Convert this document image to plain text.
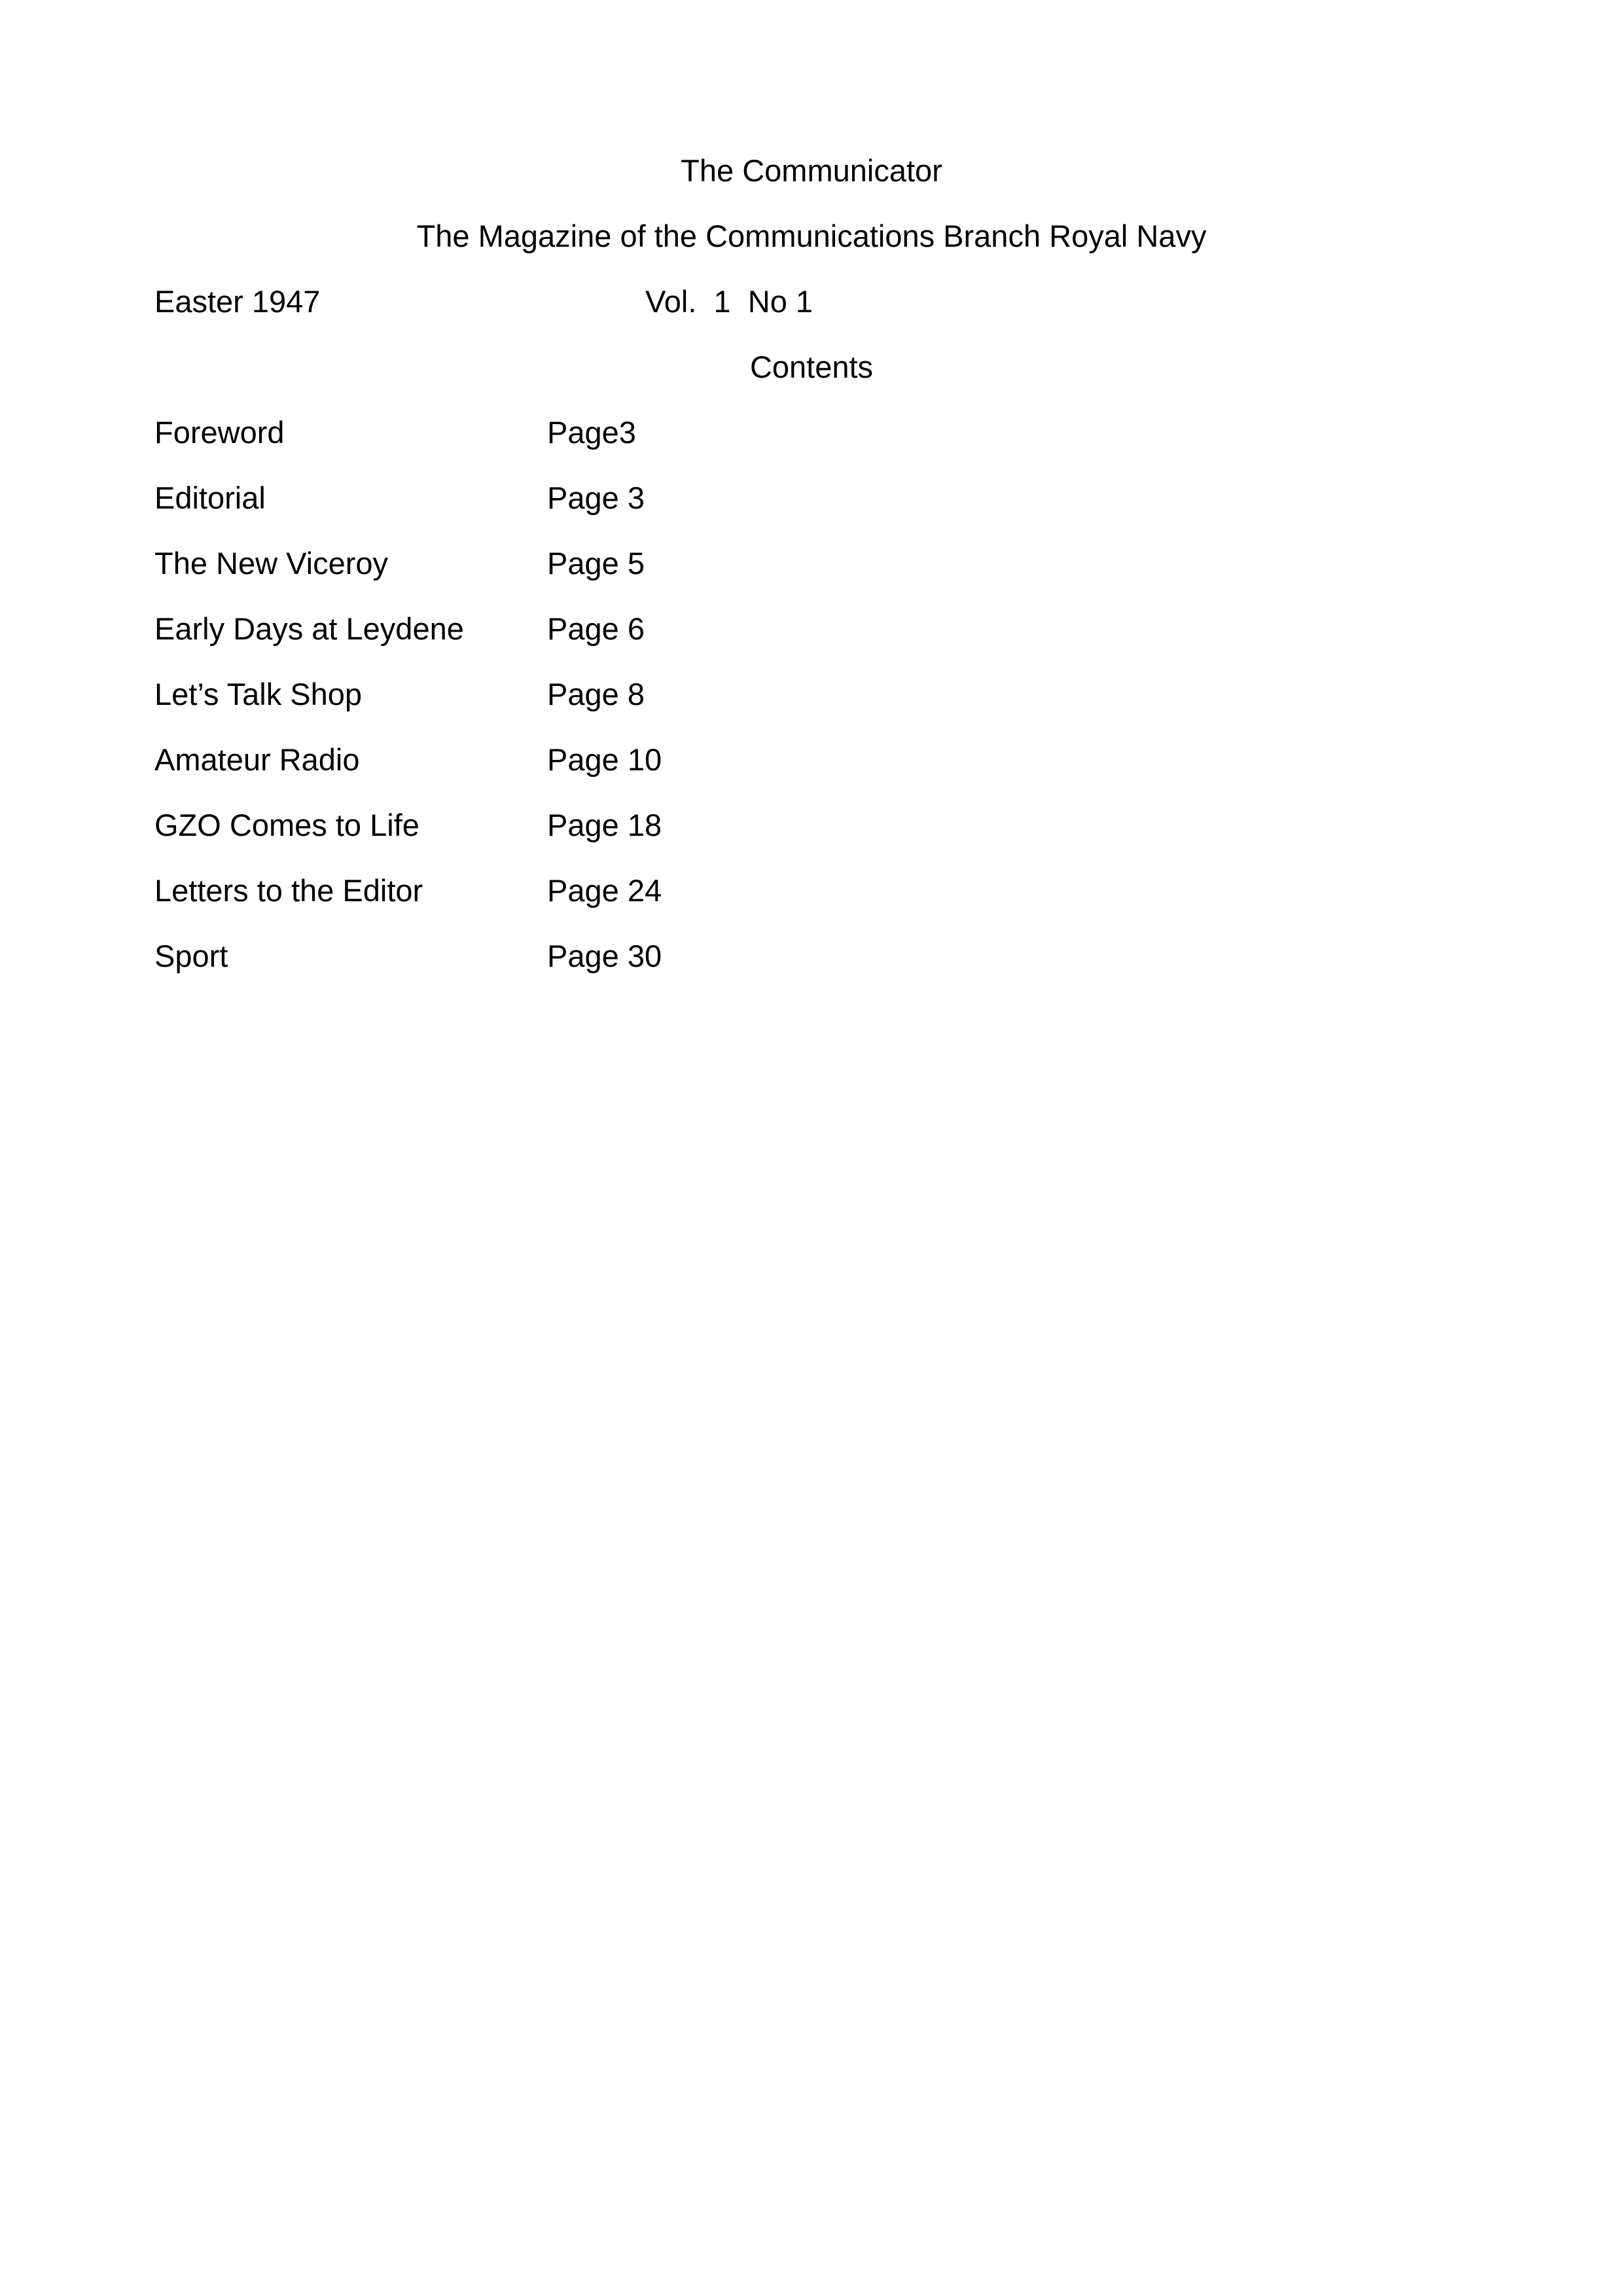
The Communicator
The Magazine of the Communications Branch Royal Navy
Easter 1947	Vol.  1  No 1
Contents
Foreword	Page3
Editorial	Page 3
The New Viceroy	Page 5
Early Days at Leydene	Page 6
Let’s Talk Shop	Page 8
Amateur Radio	Page 10
GZO Comes to Life	Page 18
Letters to the Editor	Page 24
Sport	Page 30
